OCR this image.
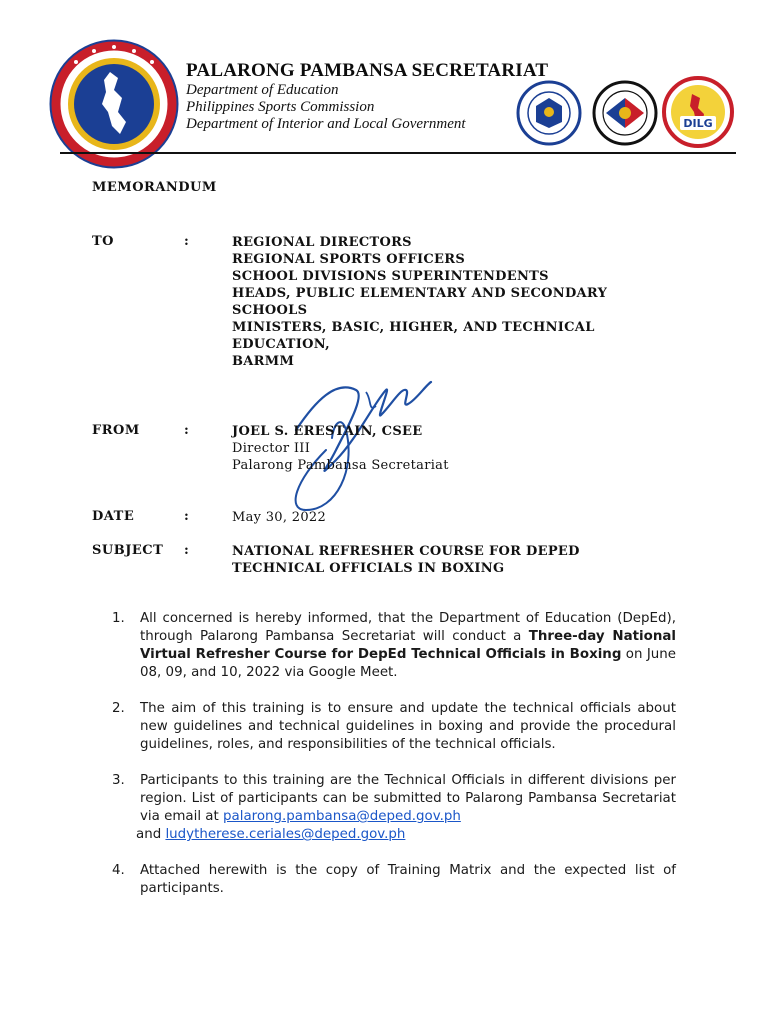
PALARONG PAMBANSA SECRETARIAT
Department of Education
Philippines Sports Commission
Department of Interior and Local Government	DILG
MEMORANDUM
TO	:	REGIONAL DIRECTORS
REGIONAL SPORTS OFFICERS
SCHOOL DIVISIONS SUPERINTENDENTS
HEADS, PUBLIC ELEMENTARY AND SECONDARY SCHOOLS
MINISTERS, BASIC, HIGHER, AND TECHNICAL EDUCATION,
BARMM
FROM	:	JOEL S. ERESTAIN, CSEE
Director III
Palarong Pambansa Secretariat
DATE	:	May 30, 2022
SUBJECT :	NATIONAL REFRESHER COURSE FOR DEPED
TECHNICAL OFFICIALS IN BOXING
1. All concerned is hereby informed, that the Department of Education (DepEd), through Palarong Pambansa Secretariat will conduct a Three-day National Virtual Refresher Course for DepEd Technical Officials in Boxing on June 08, 09, and 10, 2022 via Google Meet.
2. The aim of this training is to ensure and update the technical officials about new guidelines and technical guidelines in boxing and provide the procedural guidelines, roles, and responsibilities of the technical officials.
3. Participants to this training are the Technical Officials in different divisions per region. List of participants can be submitted to Palarong Pambansa Secretariat via email at palarong.pambansa@deped.gov.ph
and ludytherese.ceriales@deped.gov.ph
4. Attached herewith is the copy of Training Matrix and the expected list of participants.
